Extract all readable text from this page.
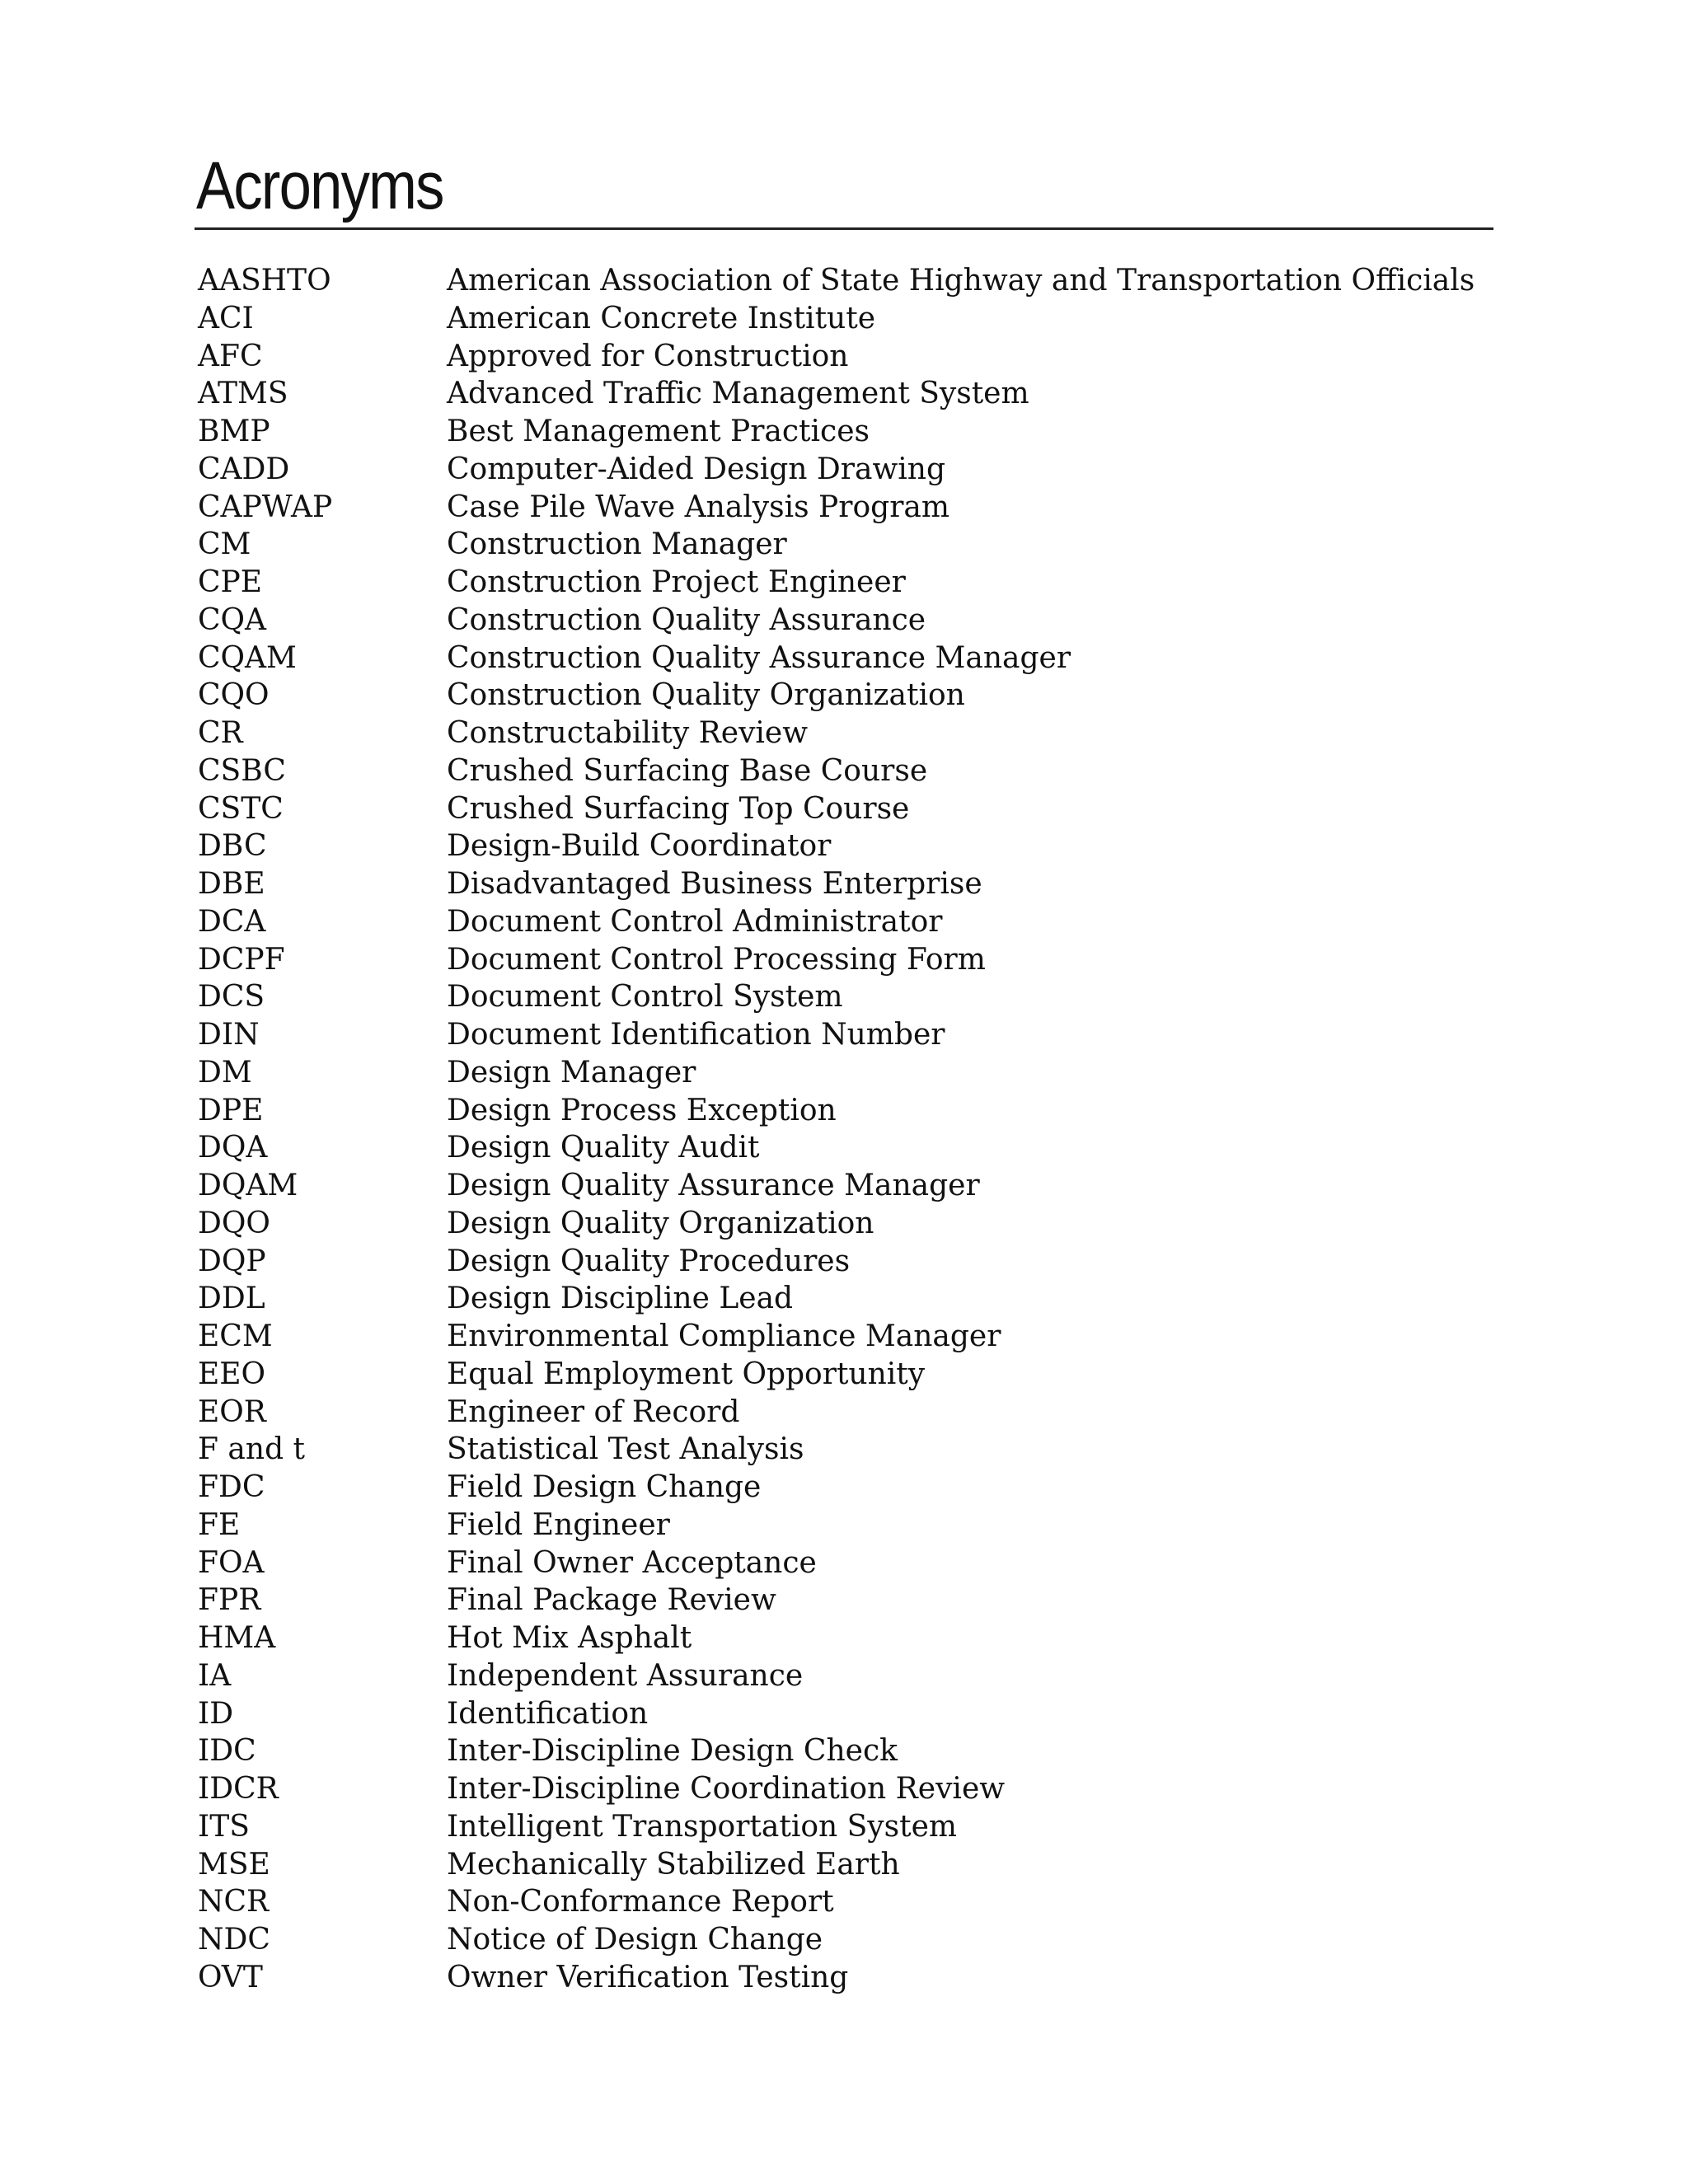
Acronyms
AASHTO	American Association of State Highway and Transportation Officials
ACI	American Concrete Institute
AFC	Approved for Construction
ATMS	Advanced Traffic Management System
BMP	Best Management Practices
CADD	Computer-Aided Design Drawing
CAPWAP	Case Pile Wave Analysis Program
CM	Construction Manager
CPE	Construction Project Engineer
CQA	Construction Quality Assurance
CQAM	Construction Quality Assurance Manager
CQO	Construction Quality Organization
CR	Constructability Review
CSBC	Crushed Surfacing Base Course
CSTC	Crushed Surfacing Top Course
DBC	Design-Build Coordinator
DBE	Disadvantaged Business Enterprise
DCA	Document Control Administrator
DCPF	Document Control Processing Form
DCS	Document Control System
DIN	Document Identification Number
DM	Design Manager
DPE	Design Process Exception
DQA	Design Quality Audit
DQAM	Design Quality Assurance Manager
DQO	Design Quality Organization
DQP	Design Quality Procedures
DDL	Design Discipline Lead
ECM	Environmental Compliance Manager
EEO	Equal Employment Opportunity
EOR	Engineer of Record
F and t	Statistical Test Analysis
FDC	Field Design Change
FE	Field Engineer
FOA	Final Owner Acceptance
FPR	Final Package Review
HMA	Hot Mix Asphalt
IA	Independent Assurance
ID	Identification
IDC	Inter-Discipline Design Check
IDCR	Inter-Discipline Coordination Review
ITS	Intelligent Transportation System
MSE	Mechanically Stabilized Earth
NCR	Non-Conformance Report
NDC	Notice of Design Change
OVT	Owner Verification Testing
